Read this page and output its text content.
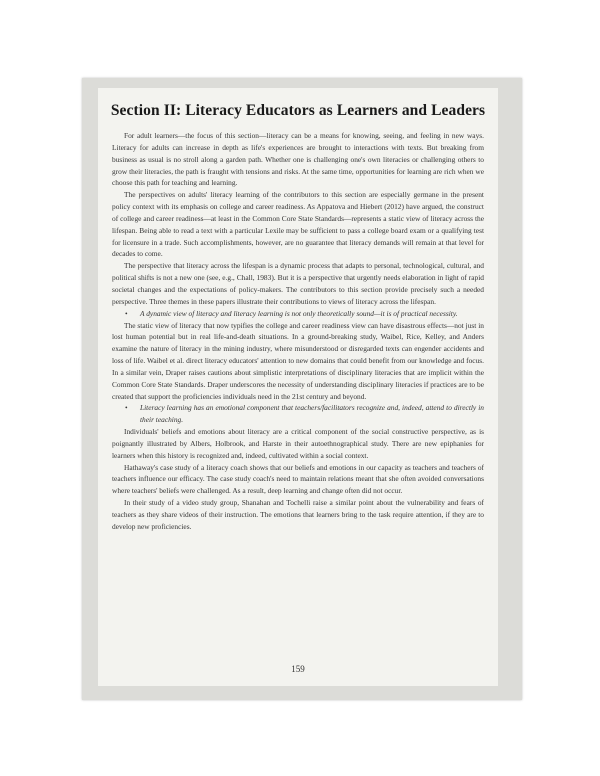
Section II: Literacy Educators as Learners and Leaders

For adult learners—the focus of this section—literacy can be a means for knowing, seeing, and feeling in new ways. Literacy for adults can increase in depth as life's experiences are brought to interactions with texts. But breaking from business as usual is no stroll along a garden path. Whether one is challenging one's own literacies or challenging others to grow their literacies, the path is fraught with tensions and risks. At the same time, opportunities for learning are rich when we choose this path for teaching and learning.

The perspectives on adults' literacy learning of the contributors to this section are especially germane in the present policy context with its emphasis on college and career readiness. As Appatova and Hiebert (2012) have argued, the construct of college and career readiness—at least in the Common Core State Standards—represents a static view of literacy across the lifespan. Being able to read a text with a particular Lexile may be sufficient to pass a college board exam or a qualifying test for licensure in a trade. Such accomplishments, however, are no guarantee that literacy demands will remain at that level for decades to come.

The perspective that literacy across the lifespan is a dynamic process that adapts to personal, technological, cultural, and political shifts is not a new one (see, e.g., Chall, 1983). But it is a perspective that urgently needs elaboration in light of rapid societal changes and the expectations of policy-makers. The contributors to this section provide precisely such a needed perspective. Three themes in these papers illustrate their contributions to views of literacy across the lifespan.

• A dynamic view of literacy and literacy learning is not only theoretically sound—it is of practical necessity.

The static view of literacy that now typifies the college and career readiness view can have disastrous effects—not just in lost human potential but in real life-and-death situations. In a ground-breaking study, Waibel, Rice, Kelley, and Anders examine the nature of literacy in the mining industry, where misunderstood or disregarded texts can engender accidents and loss of life. Waibel et al. direct literacy educators' attention to new domains that could benefit from our knowledge and focus. In a similar vein, Draper raises cautions about simplistic interpretations of disciplinary literacies that are implicit within the Common Core State Standards. Draper underscores the necessity of understanding disciplinary literacies if practices are to be created that support the proficiencies individuals need in the 21st century and beyond.

• Literacy learning has an emotional component that teachers/facilitators recognize and, indeed, attend to directly in their teaching.

Individuals' beliefs and emotions about literacy are a critical component of the social constructive perspective, as is poignantly illustrated by Albers, Holbrook, and Harste in their autoethnographical study. There are new epiphanies for learners when this history is recognized and, indeed, cultivated within a social context.

Hathaway's case study of a literacy coach shows that our beliefs and emotions in our capacity as teachers and teachers of teachers influence our efficacy. The case study coach's need to maintain relations meant that she often avoided conversations where teachers' beliefs were challenged. As a result, deep learning and change often did not occur.

In their study of a video study group, Shanahan and Tochelli raise a similar point about the vulnerability and fears of teachers as they share videos of their instruction. The emotions that learners bring to the task require attention, if they are to develop new proficiencies.

159
